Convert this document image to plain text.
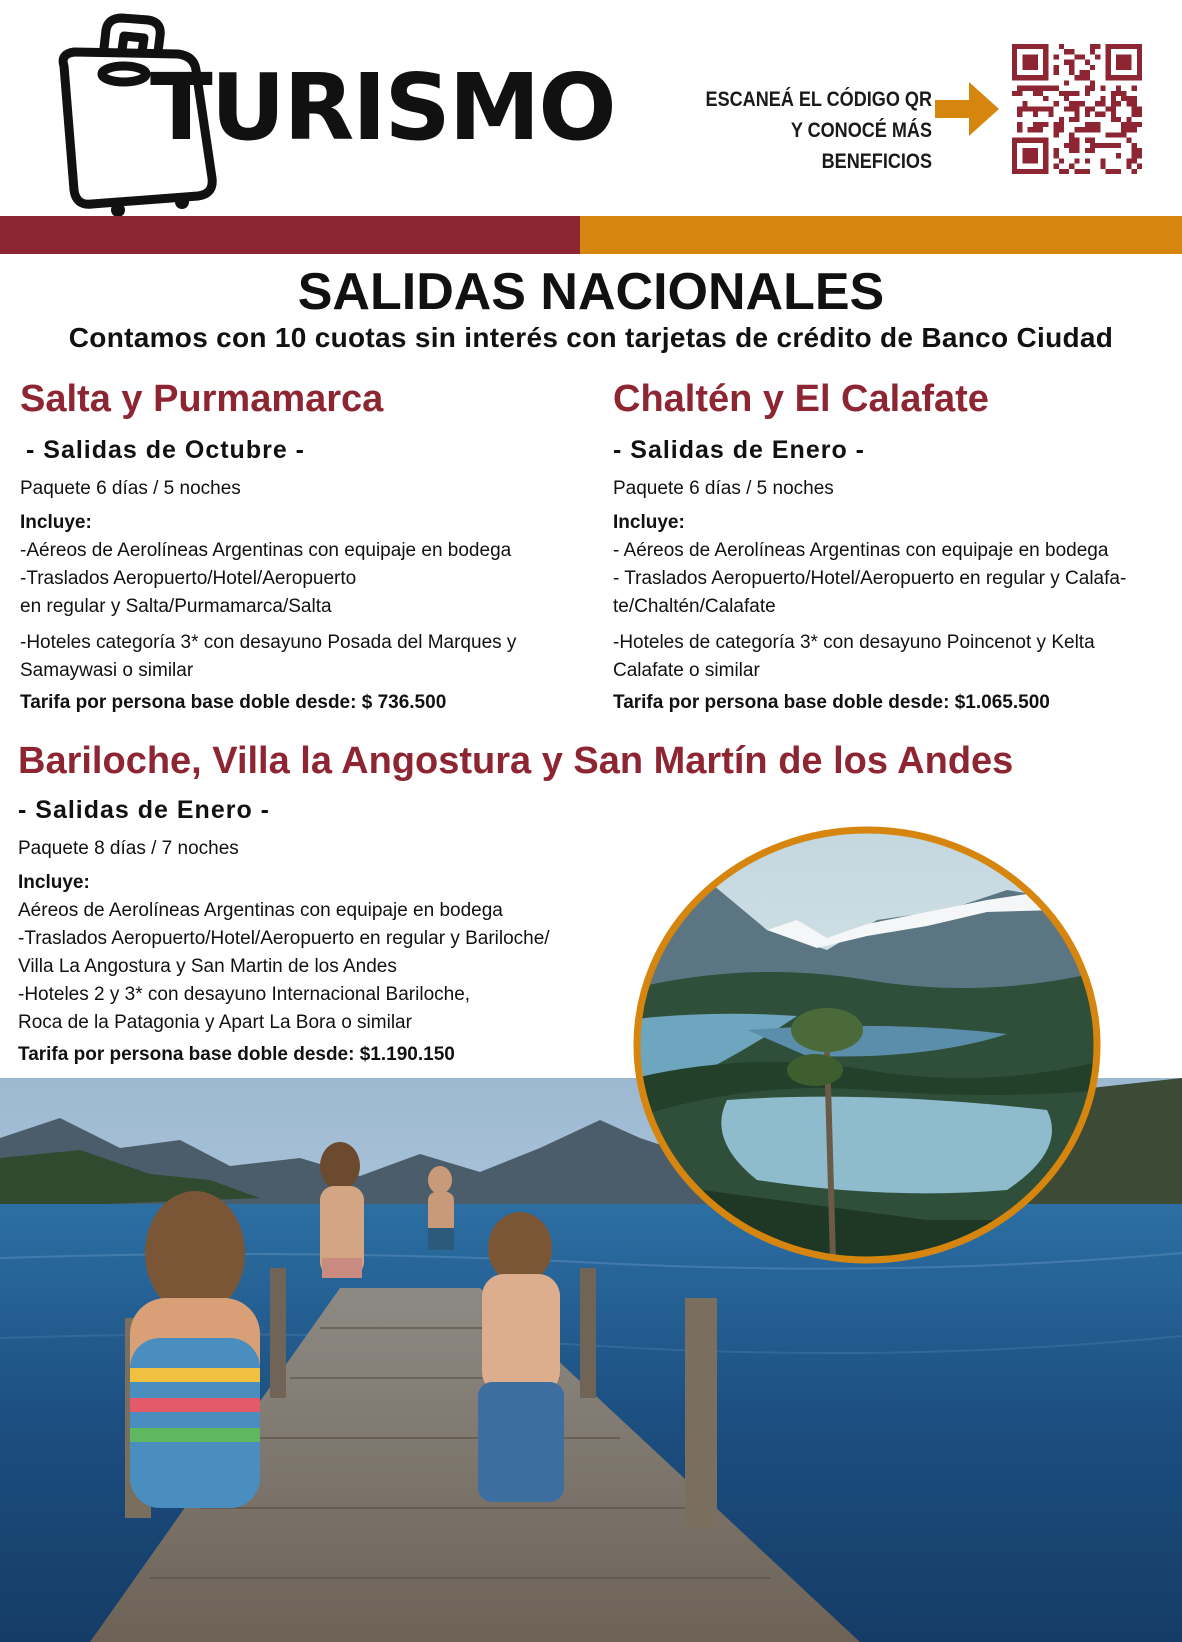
TURISMO	ESCANEÁ EL CÓDIGO QR
Y CONOCÉ MÁS BENEFICIOS
SALIDAS NACIONALES
Contamos con 10 cuotas sin interés con tarjetas de crédito de Banco Ciudad
Salta y Purmamarca
- Salidas de Octubre -
Paquete 6 días / 5 noches
Incluye:
-Aéreos de Aerolíneas Argentinas con equipaje en bodega
-Traslados Aeropuerto/Hotel/Aeropuerto
en regular y Salta/Purmamarca/Salta
-Hoteles categoría 3* con desayuno Posada del Marques y
Samaywasi o similar
Tarifa por persona base doble desde: $ 736.500
Chaltén y El Calafate
- Salidas de Enero -
Paquete 6 días / 5 noches
Incluye:
- Aéreos de Aerolíneas Argentinas con equipaje en bodega
- Traslados Aeropuerto/Hotel/Aeropuerto en regular y Calafa-
te/Chaltén/Calafate
-Hoteles de categoría 3* con desayuno Poincenot y Kelta
Calafate o similar
Tarifa por persona base doble desde: $1.065.500
Bariloche, Villa la Angostura y San Martín de los Andes
- Salidas de Enero -
Paquete 8 días / 7 noches
Incluye:
Aéreos de Aerolíneas Argentinas con equipaje en bodega
-Traslados Aeropuerto/Hotel/Aeropuerto en regular y Bariloche/
Villa La Angostura y San Martin de los Andes
-Hoteles 2 y 3* con desayuno Internacional Bariloche,
Roca de la Patagonia y Apart La Bora o similar
Tarifa por persona base doble desde: $1.190.150
